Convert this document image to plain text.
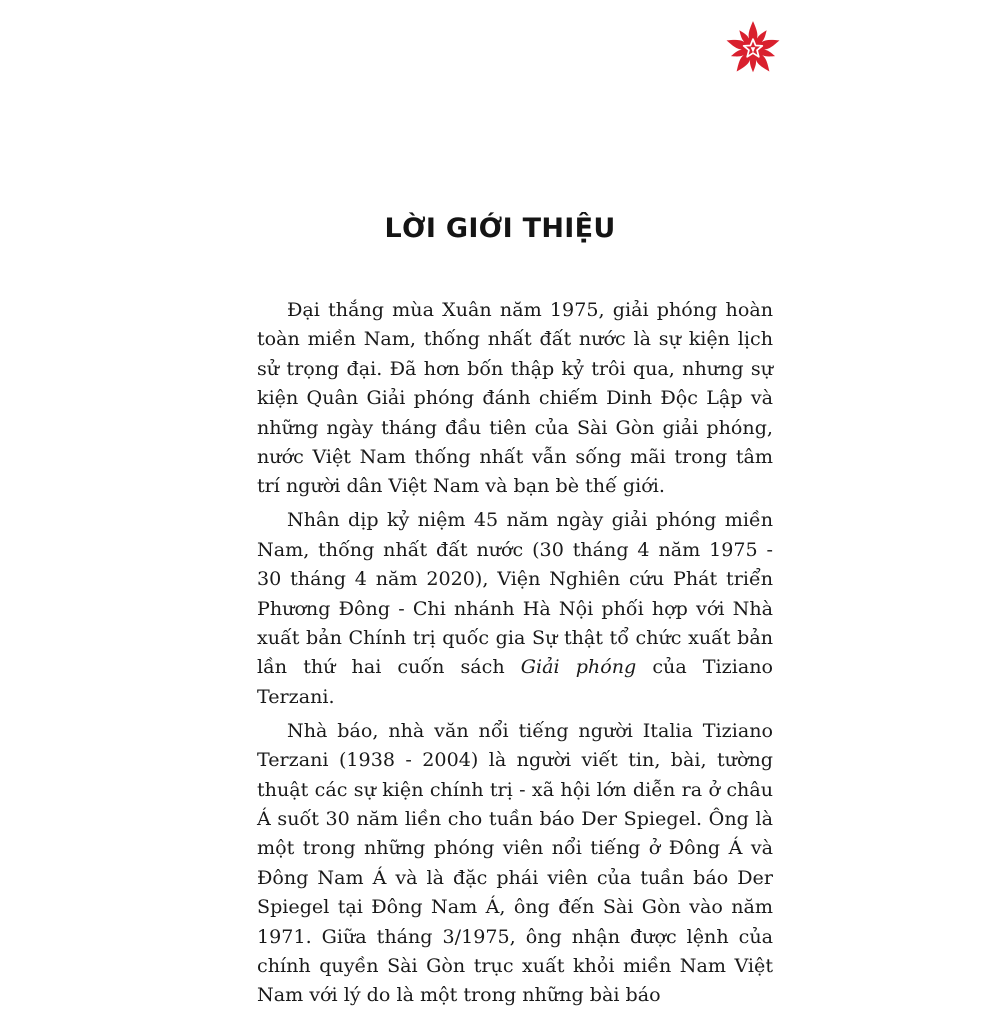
LỜI GIỚI THIỆU

Đại thắng mùa Xuân năm 1975, giải phóng hoàn toàn miền Nam, thống nhất đất nước là sự kiện lịch sử trọng đại. Đã hơn bốn thập kỷ trôi qua, nhưng sự kiện Quân Giải phóng đánh chiếm Dinh Độc Lập và những ngày tháng đầu tiên của Sài Gòn giải phóng, nước Việt Nam thống nhất vẫn sống mãi trong tâm trí người dân Việt Nam và bạn bè thế giới.

Nhân dịp kỷ niệm 45 năm ngày giải phóng miền Nam, thống nhất đất nước (30 tháng 4 năm 1975 - 30 tháng 4 năm 2020), Viện Nghiên cứu Phát triển Phương Đông - Chi nhánh Hà Nội phối hợp với Nhà xuất bản Chính trị quốc gia Sự thật tổ chức xuất bản lần thứ hai cuốn sách Giải phóng của Tiziano Terzani.

Nhà báo, nhà văn nổi tiếng người Italia Tiziano Terzani (1938 - 2004) là người viết tin, bài, tường thuật các sự kiện chính trị - xã hội lớn diễn ra ở châu Á suốt 30 năm liền cho tuần báo Der Spiegel. Ông là một trong những phóng viên nổi tiếng ở Đông Á và Đông Nam Á và là đặc phái viên của tuần báo Der Spiegel tại Đông Nam Á, ông đến Sài Gòn vào năm 1971. Giữa tháng 3/1975, ông nhận được lệnh của chính quyền Sài Gòn trục xuất khỏi miền Nam Việt Nam với lý do là một trong những bài báo
